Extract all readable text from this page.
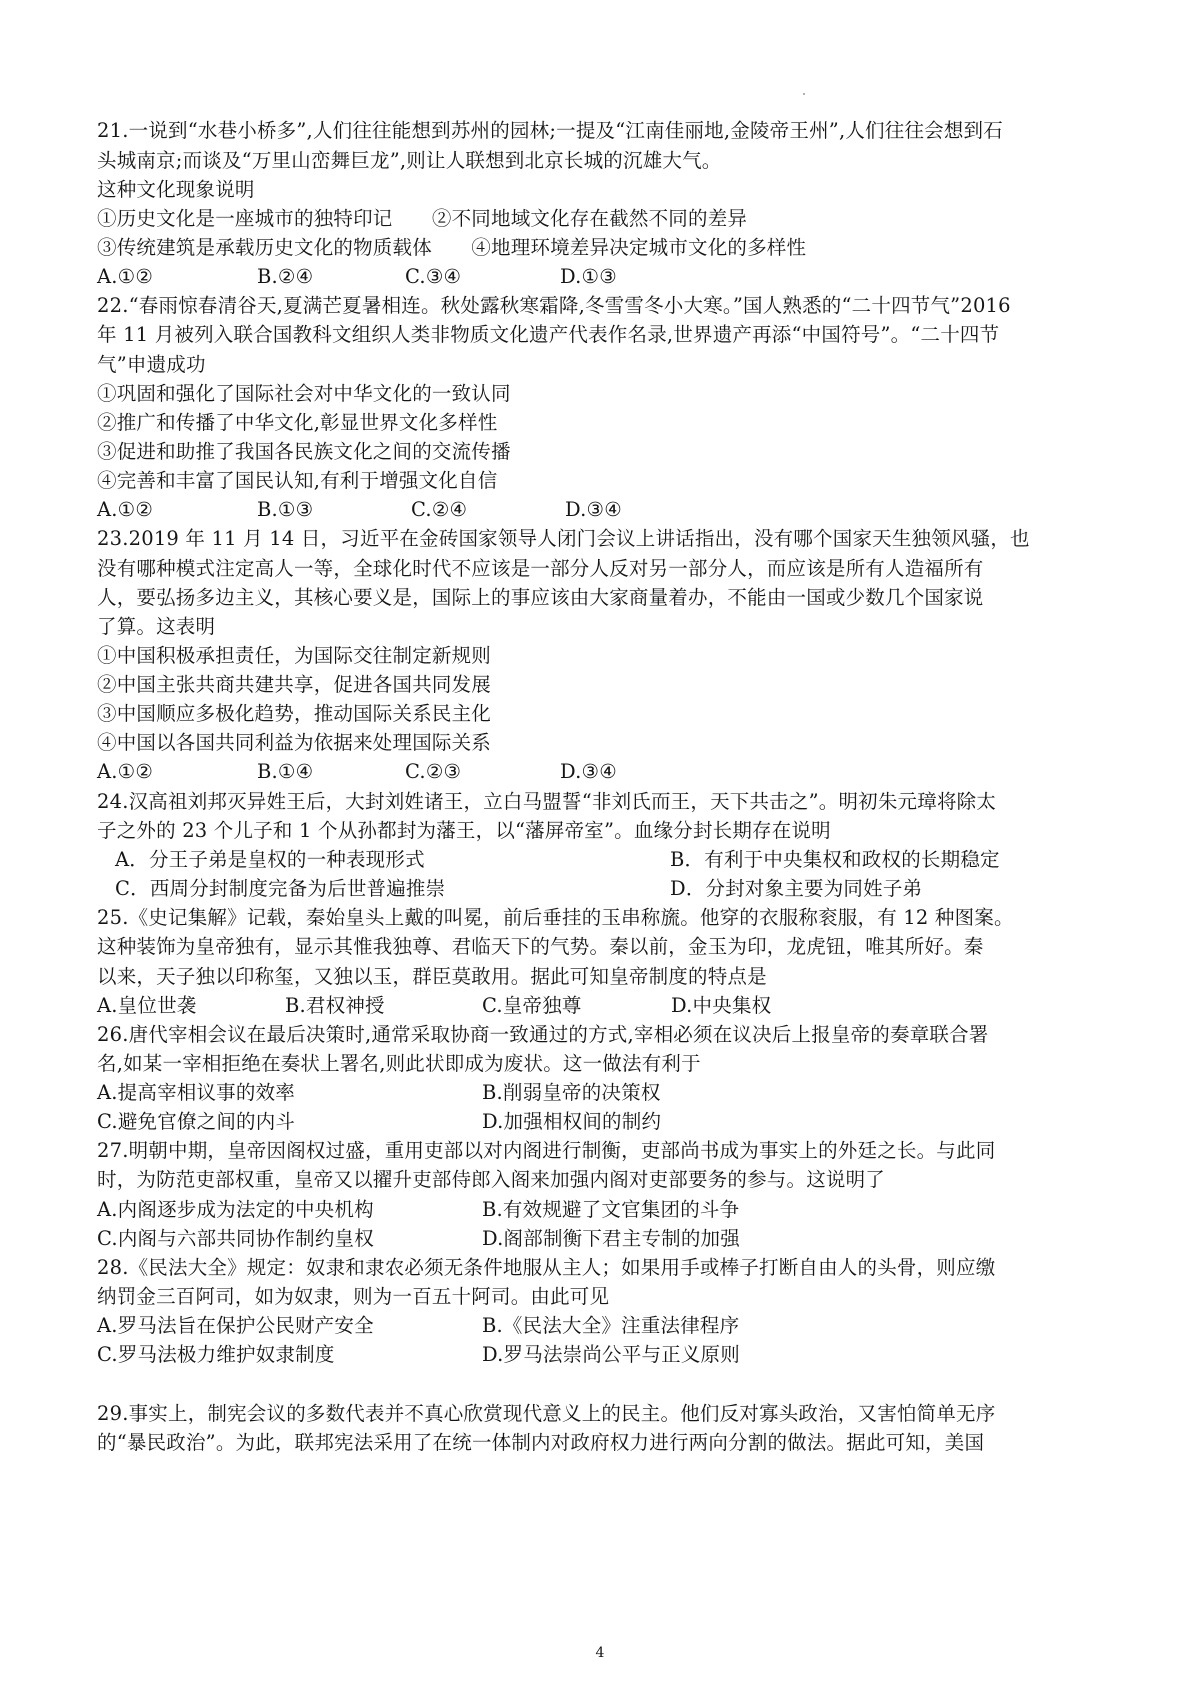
21.一说到“水巷小桥多”,人们往往能想到苏州的园林;一提及“江南佳丽地,金陵帝王州”,人们往往会想到石
头城南京;而谈及“万里山峦舞巨龙”,则让人联想到北京长城的沉雄大气。
这种文化现象说明
①历史文化是一座城市的独特印记　　②不同地域文化存在截然不同的差异
③传统建筑是承载历史文化的物质载体　　④地理环境差异决定城市文化的多样性
A.①②	B.②④	C.③④	D.①③
22.“春雨惊春清谷天,夏满芒夏暑相连。秋处露秋寒霜降,冬雪雪冬小大寒。”国人熟悉的“二十四节气”2016
年 11 月被列入联合国教科文组织人类非物质文化遗产代表作名录,世界遗产再添“中国符号”。“二十四节
气”申遗成功
①巩固和强化了国际社会对中华文化的一致认同
②推广和传播了中华文化,彰显世界文化多样性
③促进和助推了我国各民族文化之间的交流传播
④完善和丰富了国民认知,有利于增强文化自信
A.①②	B.①③	C.②④	D.③④
23.2019 年 11 月 14 日，习近平在金砖国家领导人闭门会议上讲话指出，没有哪个国家天生独领风骚，也
没有哪种模式注定高人一等，全球化时代不应该是一部分人反对另一部分人，而应该是所有人造福所有
人，要弘扬多边主义，其核心要义是，国际上的事应该由大家商量着办，不能由一国或少数几个国家说
了算。这表明
①中国积极承担责任，为国际交往制定新规则
②中国主张共商共建共享，促进各国共同发展
③中国顺应多极化趋势，推动国际关系民主化
④中国以各国共同利益为依据来处理国际关系
A.①②	B.①④	C.②③	D.③④
24.汉高祖刘邦灭异姓王后，大封刘姓诸王，立白马盟誓“非刘氏而王，天下共击之”。明初朱元璋将除太
子之外的 23 个儿子和 1 个从孙都封为藩王，以“藩屏帝室”。血缘分封长期存在说明
A．分王子弟是皇权的一种表现形式	B．有利于中央集权和政权的长期稳定
C．西周分封制度完备为后世普遍推崇	D．分封对象主要为同姓子弟
25.《史记集解》记载，秦始皇头上戴的叫冕，前后垂挂的玉串称旒。他穿的衣服称衮服，有 12 种图案。
这种装饰为皇帝独有，显示其惟我独尊、君临天下的气势。秦以前，金玉为印，龙虎钮，唯其所好。秦
以来，天子独以印称玺，又独以玉，群臣莫敢用。据此可知皇帝制度的特点是
A.皇位世袭	B.君权神授	C.皇帝独尊	D.中央集权
26.唐代宰相会议在最后决策时,通常采取协商一致通过的方式,宰相必须在议决后上报皇帝的奏章联合署
名,如某一宰相拒绝在奏状上署名,则此状即成为废状。这一做法有利于
A.提高宰相议事的效率	B.削弱皇帝的决策权
C.避免官僚之间的内斗	D.加强相权间的制约
27.明朝中期，皇帝因阁权过盛，重用吏部以对内阁进行制衡，吏部尚书成为事实上的外廷之长。与此同
时，为防范吏部权重，皇帝又以擢升吏部侍郎入阁来加强内阁对吏部要务的参与。这说明了
A.内阁逐步成为法定的中央机构	B.有效规避了文官集团的斗争
C.内阁与六部共同协作制约皇权	D.阁部制衡下君主专制的加强
28.《民法大全》规定：奴隶和隶农必须无条件地服从主人；如果用手或棒子打断自由人的头骨，则应缴
纳罚金三百阿司，如为奴隶，则为一百五十阿司。由此可见
A.罗马法旨在保护公民财产安全	B.《民法大全》注重法律程序
C.罗马法极力维护奴隶制度	D.罗马法崇尚公平与正义原则
29.事实上，制宪会议的多数代表并不真心欣赏现代意义上的民主。他们反对寡头政治，又害怕简单无序
的“暴民政治”。为此，联邦宪法采用了在统一体制内对政府权力进行两向分割的做法。据此可知，美国
4
